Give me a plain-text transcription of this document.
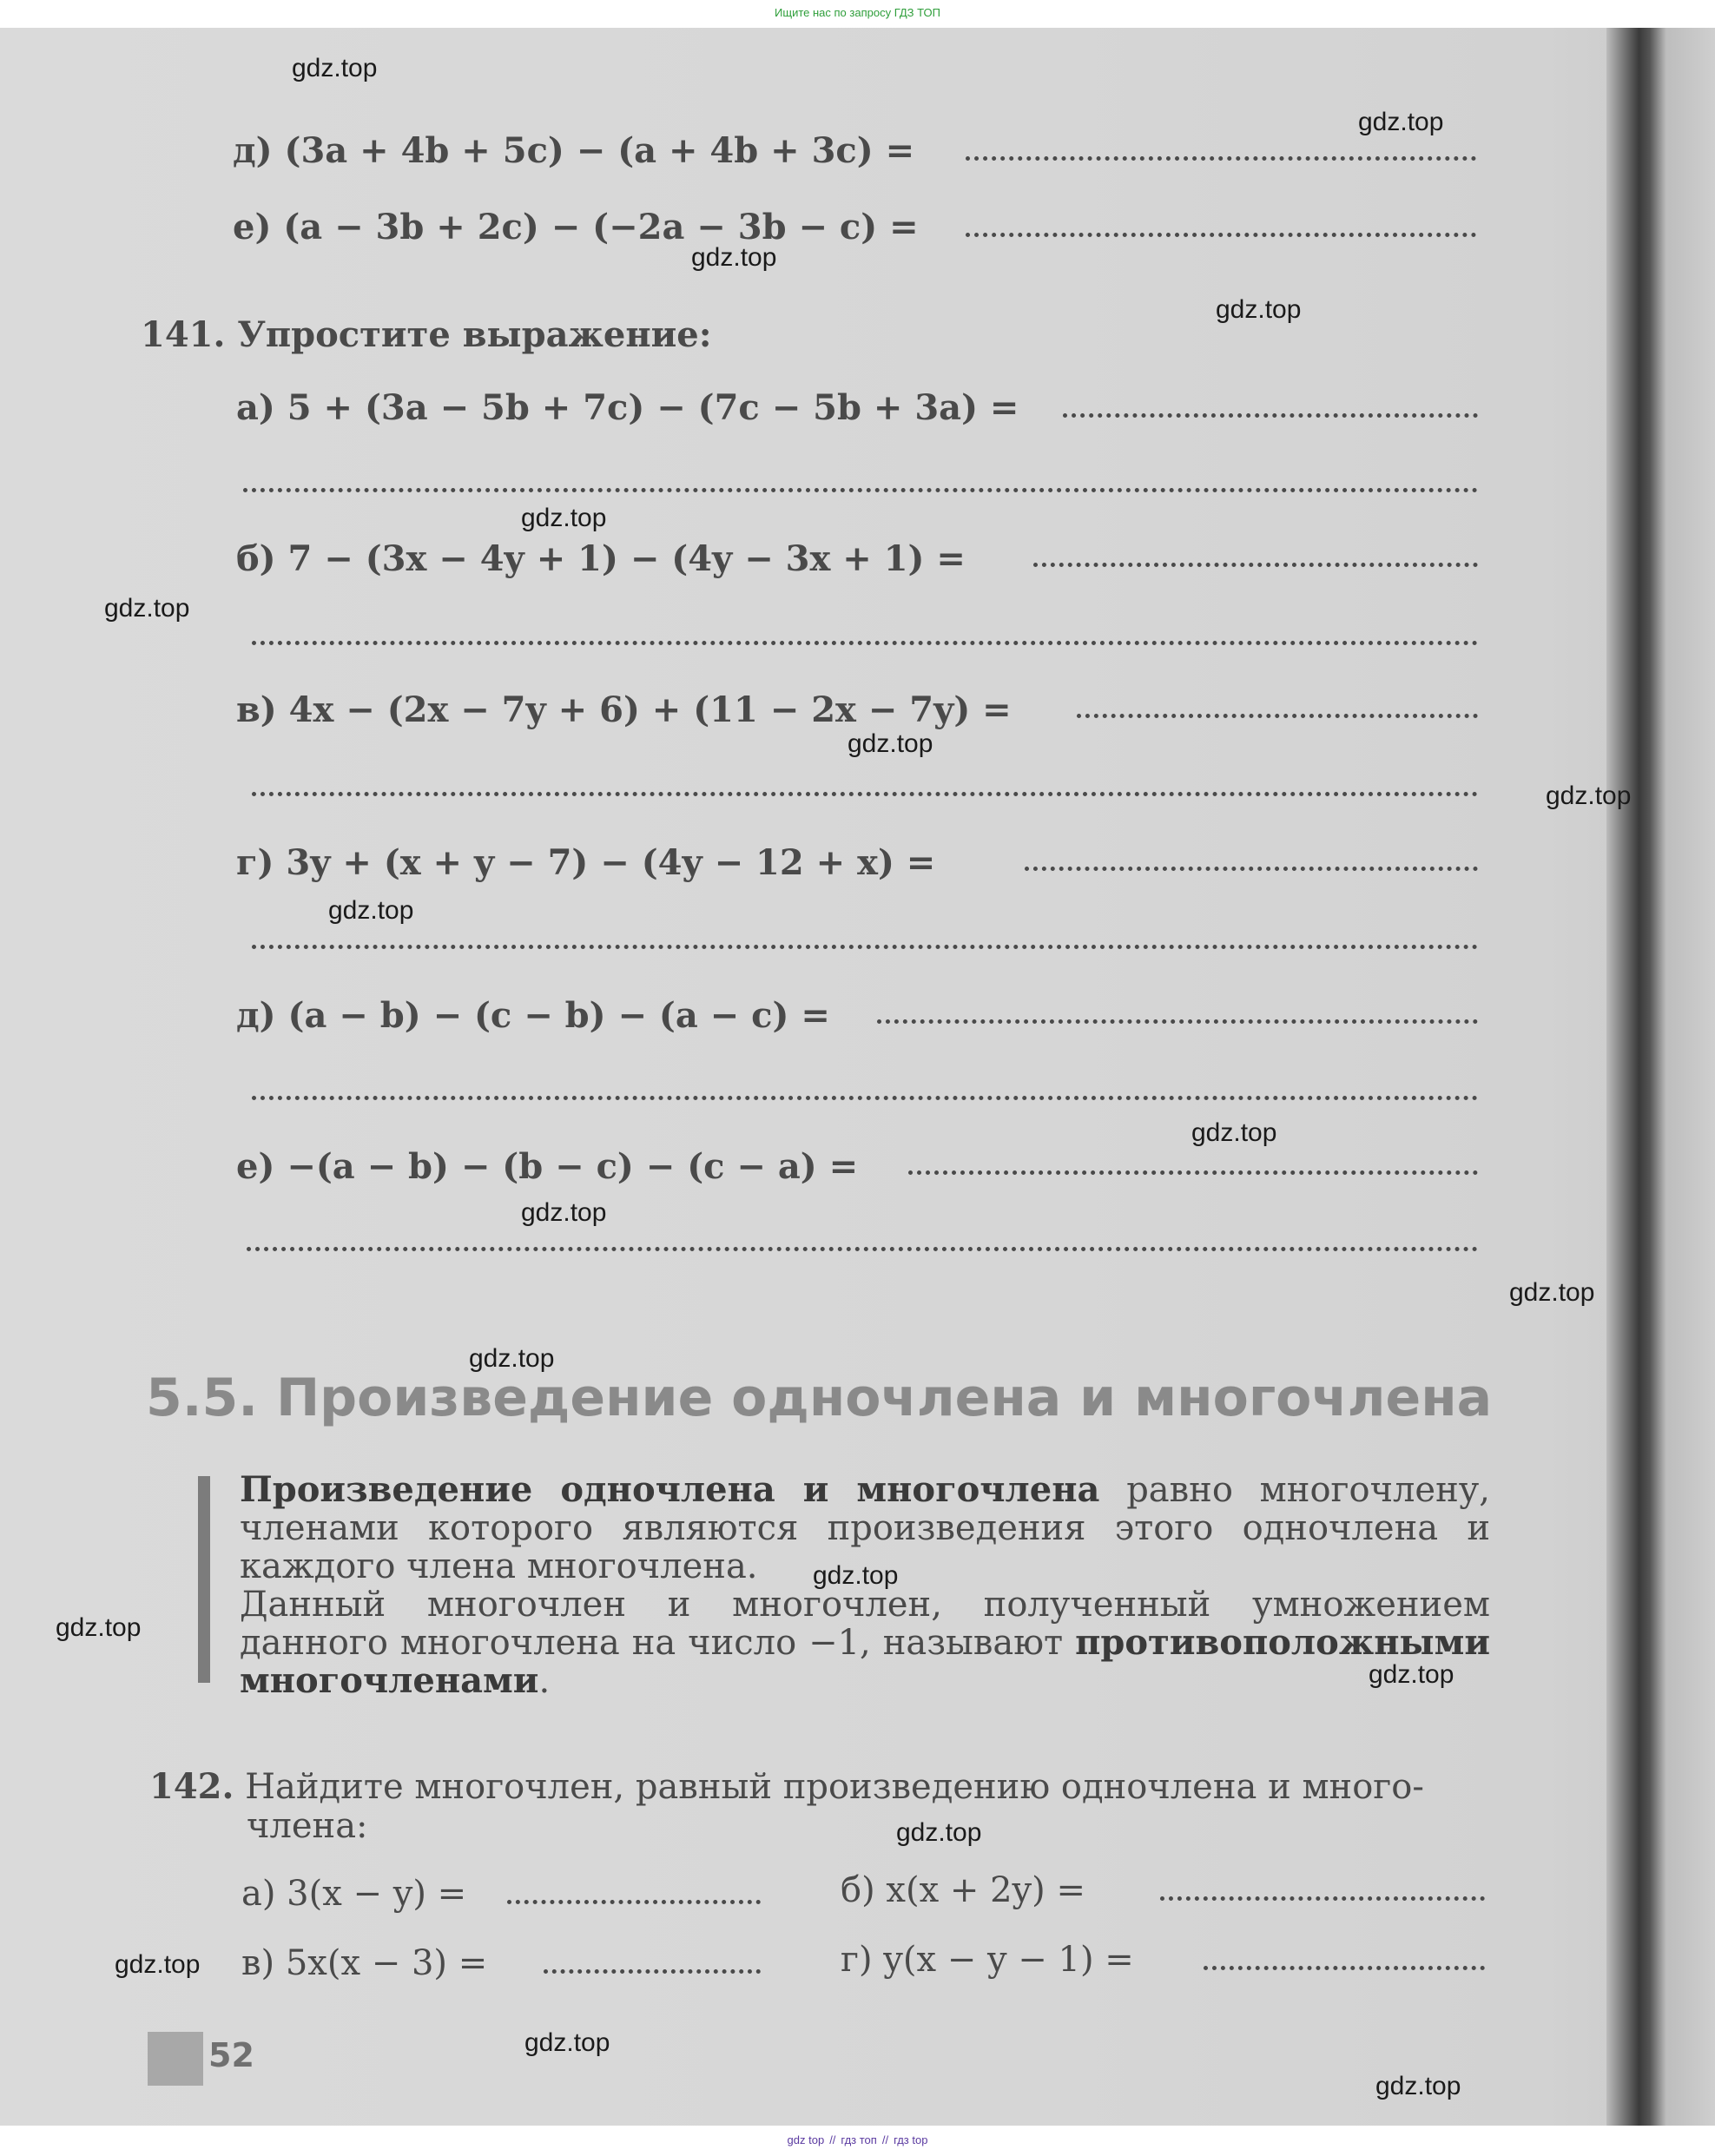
Ищите нас по запросу ГДЗ ТОП
д) (3a + 4b + 5c) − (a + 4b + 3c) =
е) (a − 3b + 2c) − (−2a − 3b − c) =
141. Упростите выражение:
а) 5 + (3a − 5b + 7c) − (7c − 5b + 3a) =
б) 7 − (3x − 4y + 1) − (4y − 3x + 1) =
в) 4x − (2x − 7y + 6) + (11 − 2x − 7y) =
г) 3y + (x + y − 7) − (4y − 12 + x) =
д) (a − b) − (c − b) − (a − c) =
е) −(a − b) − (b − c) − (c − a) =
5.5. Произведение одночлена и многочлена
Произведение одночлена и многочлена равно многочлену, членами которого являются произведения этого одночлена и каждого члена многочлена.
Данный многочлен и многочлен, полученный умножением данного многочлена на число −1, называют противоположными многочленами.
142. Найдите многочлен, равный произведению одночлена и много-
члена:
а) 3(x − y) =	б) x(x + 2y) =
в) 5x(x − 3) =	г) y(x − y − 1) =
52
gdz.top
gdz.top
gdz.top
gdz.top
gdz.top
gdz.top
gdz.top
gdz.top
gdz.top
gdz.top
gdz.top
gdz.top
gdz.top
gdz.top
gdz.top
gdz.top
gdz.top
gdz.top
gdz.top
gdz.top
gdz top // гдз топ // гдз top
